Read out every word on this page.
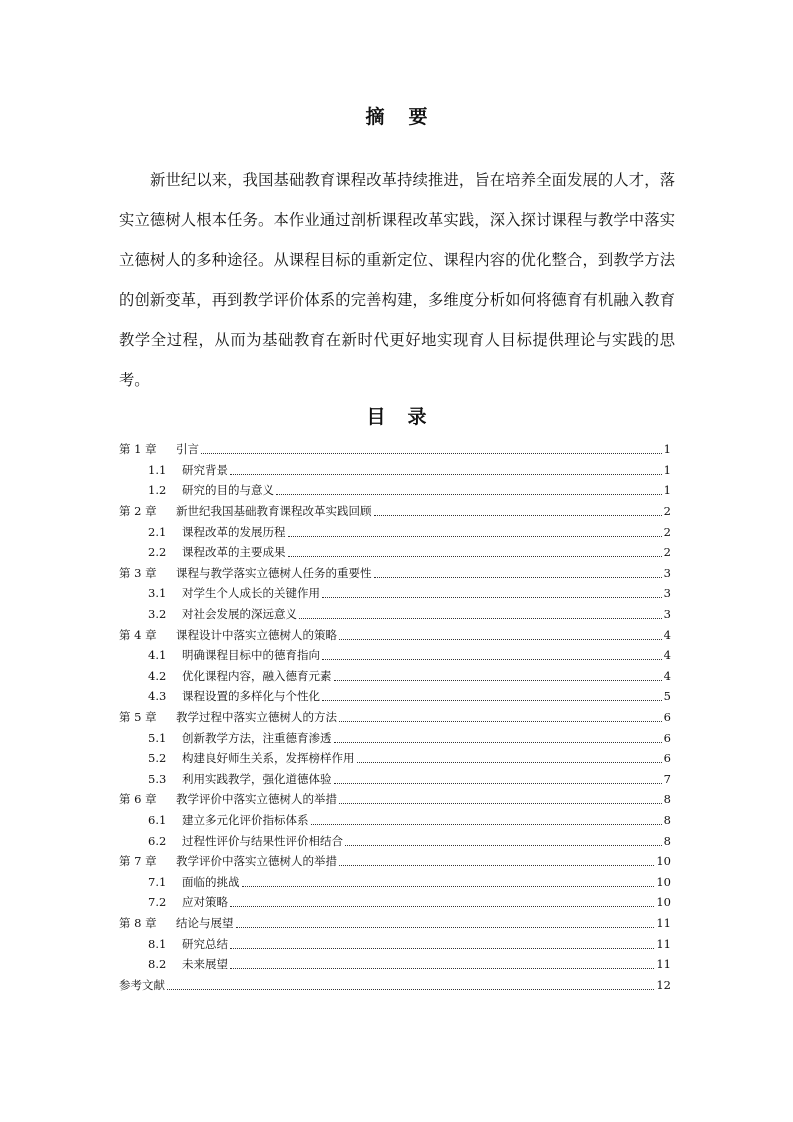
摘要
新世纪以来，我国基础教育课程改革持续推进，旨在培养全面发展的人才，落实立德树人根本任务。本作业通过剖析课程改革实践，深入探讨课程与教学中落实立德树人的多种途径。从课程目标的重新定位、课程内容的优化整合，到教学方法的创新变革，再到教学评价体系的完善构建，多维度分析如何将德育有机融入教育教学全过程，从而为基础教育在新时代更好地实现育人目标提供理论与实践的思考。
目录
第 1 章	引言	1
1.1	研究背景	1
1.2	研究的目的与意义	1
第 2 章	新世纪我国基础教育课程改革实践回顾	2
2.1	课程改革的发展历程	2
2.2	课程改革的主要成果	2
第 3 章	课程与教学落实立德树人任务的重要性	3
3.1	对学生个人成长的关键作用	3
3.2	对社会发展的深远意义	3
第 4 章	课程设计中落实立德树人的策略	4
4.1	明确课程目标中的德育指向	4
4.2	优化课程内容，融入德育元素	4
4.3	课程设置的多样化与个性化	5
第 5 章	教学过程中落实立德树人的方法	6
5.1	创新教学方法，注重德育渗透	6
5.2	构建良好师生关系，发挥榜样作用	6
5.3	利用实践教学，强化道德体验	7
第 6 章	教学评价中落实立德树人的举措	8
6.1	建立多元化评价指标体系	8
6.2	过程性评价与结果性评价相结合	8
第 7 章	教学评价中落实立德树人的举措	10
7.1	面临的挑战	10
7.2	应对策略	10
第 8 章	结论与展望	11
8.1	研究总结	11
8.2	未来展望	11
参考文献	12
